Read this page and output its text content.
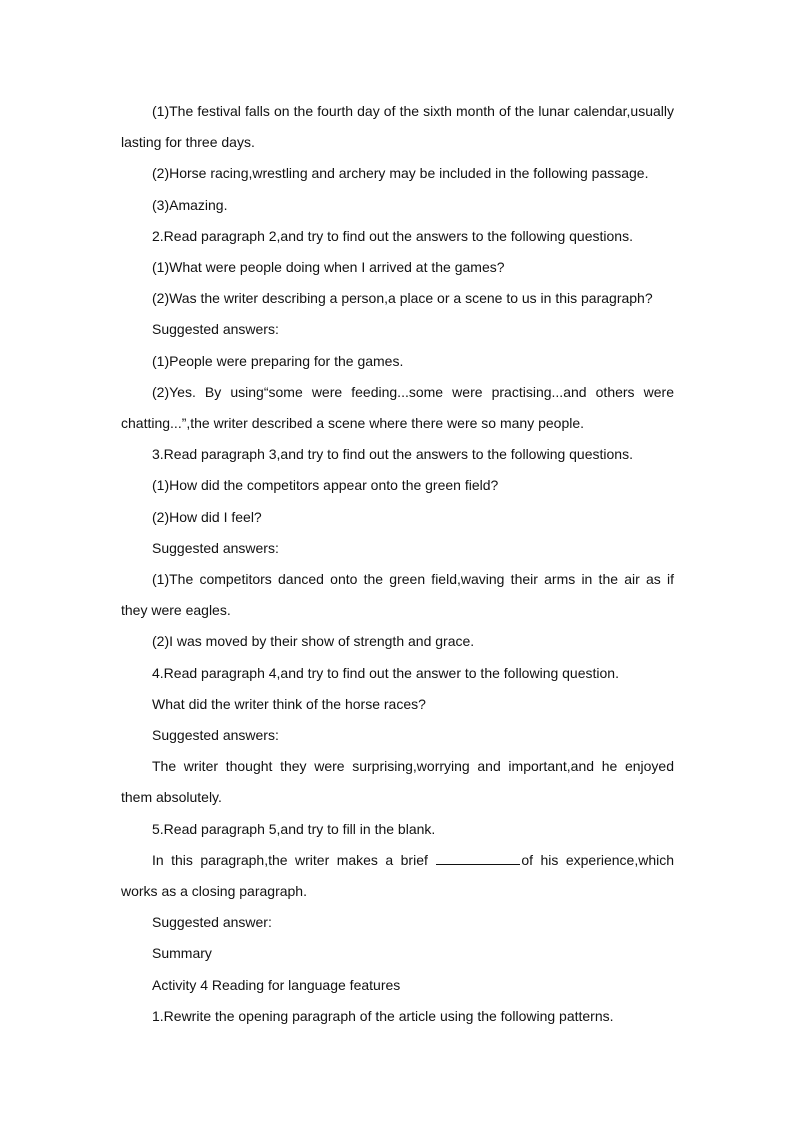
(1)The festival falls on the fourth day of the sixth month of the lunar calendar,usually lasting for three days.

(2)Horse racing,wrestling and archery may be included in the following passage.

(3)Amazing.

2.Read paragraph 2,and try to find out the answers to the following questions.

(1)What were people doing when I arrived at the games?

(2)Was the writer describing a person,a place or a scene to us in this paragraph?

Suggested answers:

(1)People were preparing for the games.

(2)Yes. By using“some were feeding...some were practising...and others were chatting...”,the writer described a scene where there were so many people.

3.Read paragraph 3,and try to find out the answers to the following questions.

(1)How did the competitors appear onto the green field?

(2)How did I feel?

Suggested answers:

(1)The competitors danced onto the green field,waving their arms in the air as if they were eagles.

(2)I was moved by their show of strength and grace.

4.Read paragraph 4,and try to find out the answer to the following question.

What did the writer think of the horse races?

Suggested answers:

The writer thought they were surprising,worrying and important,and he enjoyed them absolutely.

5.Read paragraph 5,and try to fill in the blank.

In this paragraph,the writer makes a brief	of his experience,which works as a closing paragraph.

Suggested answer:

Summary

Activity 4 Reading for language features

1.Rewrite the opening paragraph of the article using the following patterns.
